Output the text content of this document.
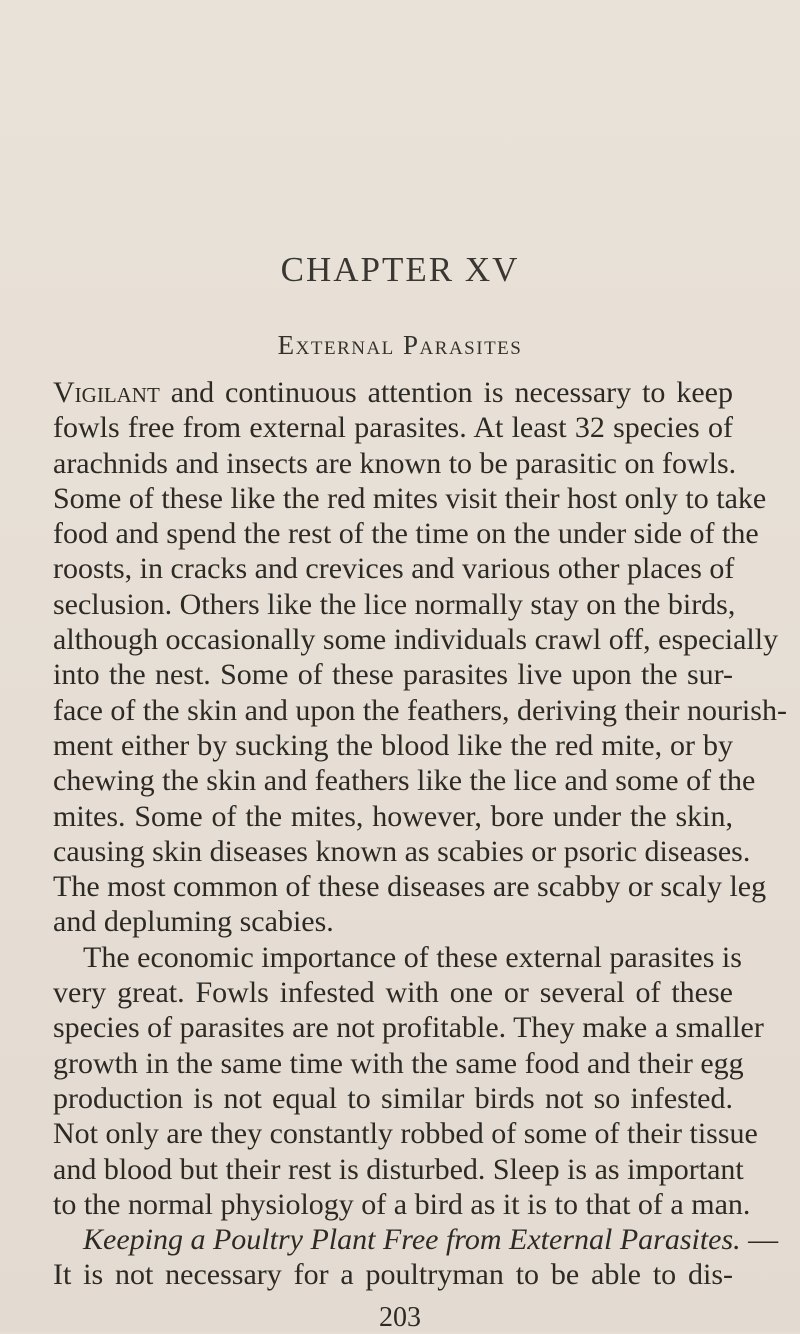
CHAPTER XV
External Parasites
Vigilant and continuous attention is necessary to keep
fowls free from external parasites. At least 32 species of
arachnids and insects are known to be parasitic on fowls.
Some of these like the red mites visit their host only to take
food and spend the rest of the time on the under side of the
roosts, in cracks and crevices and various other places of
seclusion. Others like the lice normally stay on the birds,
although occasionally some individuals crawl off, especially
into the nest. Some of these parasites live upon the sur-
face of the skin and upon the feathers, deriving their nourish-
ment either by sucking the blood like the red mite, or by
chewing the skin and feathers like the lice and some of the
mites. Some of the mites, however, bore under the skin,
causing skin diseases known as scabies or psoric diseases.
The most common of these diseases are scabby or scaly leg
and depluming scabies.
The economic importance of these external parasites is
very great. Fowls infested with one or several of these
species of parasites are not profitable. They make a smaller
growth in the same time with the same food and their egg
production is not equal to similar birds not so infested.
Not only are they constantly robbed of some of their tissue
and blood but their rest is disturbed. Sleep is as important
to the normal physiology of a bird as it is to that of a man.
Keeping a Poultry Plant Free from External Parasites. —
It is not necessary for a poultryman to be able to dis-
203
